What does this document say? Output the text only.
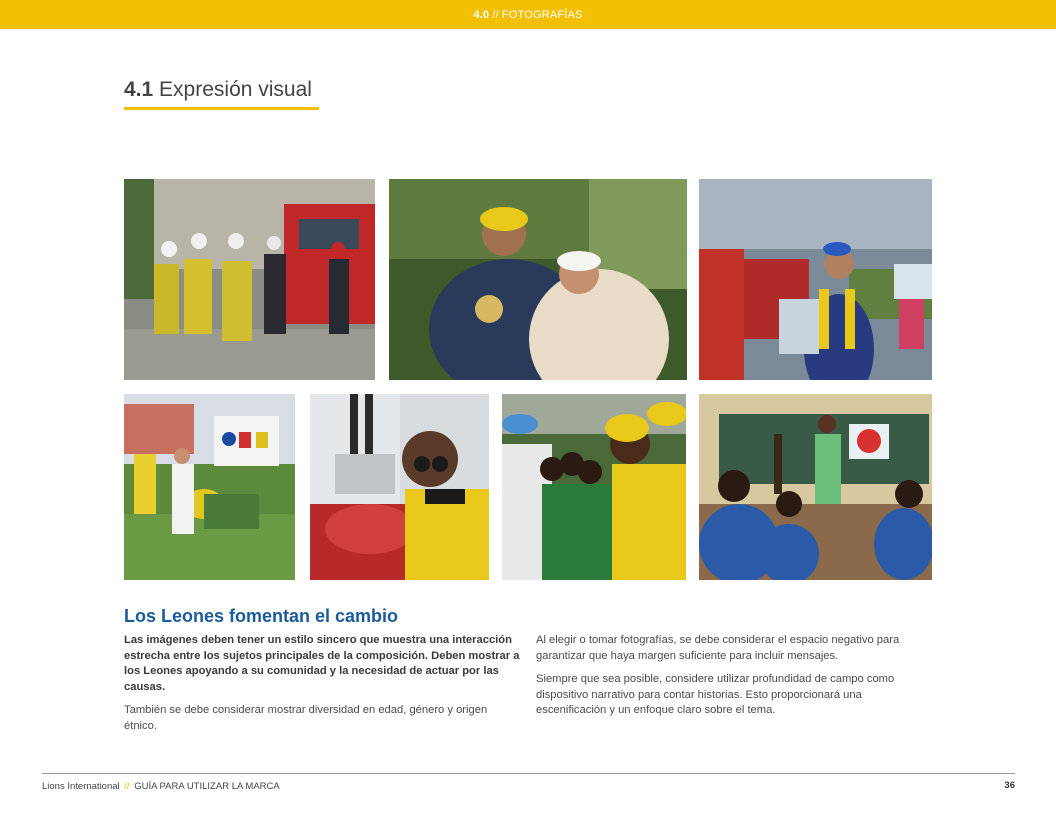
4.0 // FOTOGRAFÍAS
4.1 Expresión visual
Los Leones fomentan el cambio

Las imágenes deben tener un estilo sincero que muestra una interacción estrecha entre los sujetos principales de la composición. Deben mostrar a los Leones apoyando a su comunidad y la necesidad de actuar por las causas.

También se debe considerar mostrar diversidad en edad, género y origen étnico.

Al elegir o tomar fotografías, se debe considerar el espacio negativo para garantizar que haya margen suficiente para incluir mensajes.

Siempre que sea posible, considere utilizar profundidad de campo como dispositivo narrativo para contar historias. Esto proporcionará una escenificación y un enfoque claro sobre el tema.

Lions International // GUÍA PARA UTILIZAR LA MARCA	36
